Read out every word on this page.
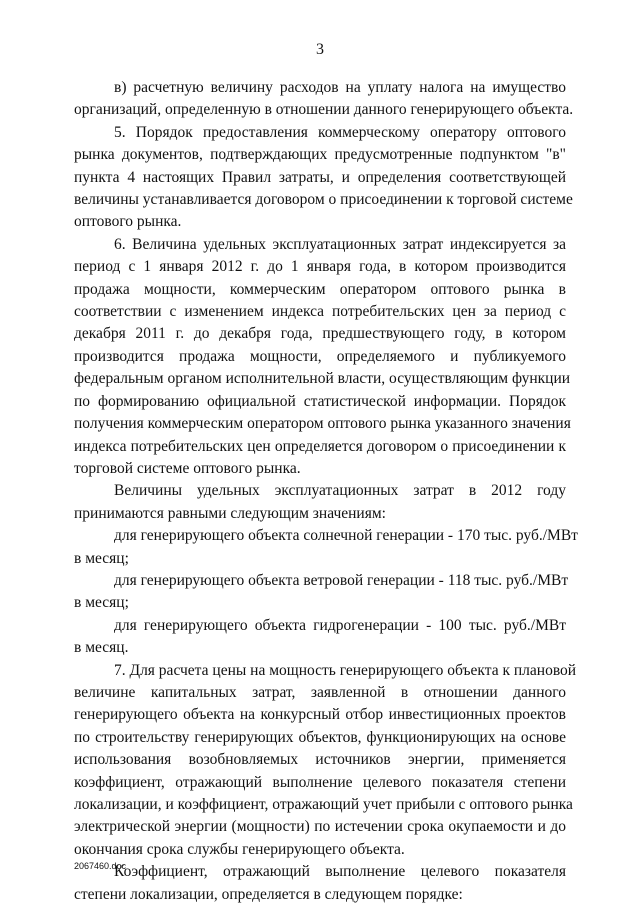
3
в) расчетную величину расходов на уплату налога на имущество
организаций, определенную в отношении данного генерирующего объекта.
5. Порядок предоставления коммерческому оператору оптового
рынка документов, подтверждающих предусмотренные подпунктом "в"
пункта 4 настоящих Правил затраты, и определения соответствующей
величины устанавливается договором о присоединении к торговой системе
оптового рынка.
6. Величина удельных эксплуатационных затрат индексируется за
период с 1 января 2012 г. до 1 января года, в котором производится
продажа мощности, коммерческим оператором оптового рынка в
соответствии с изменением индекса потребительских цен за период с
декабря 2011 г. до декабря года, предшествующего году, в котором
производится продажа мощности, определяемого и публикуемого
федеральным органом исполнительной власти, осуществляющим функции
по формированию официальной статистической информации. Порядок
получения коммерческим оператором оптового рынка указанного значения
индекса потребительских цен определяется договором о присоединении к
торговой системе оптового рынка.
Величины удельных эксплуатационных затрат в 2012 году
принимаются равными следующим значениям:
для генерирующего объекта солнечной генерации - 170 тыс. руб./МВт
в месяц;
для генерирующего объекта ветровой генерации - 118 тыс. руб./МВт
в месяц;
для генерирующего объекта гидрогенерации - 100 тыс. руб./МВт
в месяц.
7. Для расчета цены на мощность генерирующего объекта к плановой
величине капитальных затрат, заявленной в отношении данного
генерирующего объекта на конкурсный отбор инвестиционных проектов
по строительству генерирующих объектов, функционирующих на основе
использования возобновляемых источников энергии, применяется
коэффициент, отражающий выполнение целевого показателя степени
локализации, и коэффициент, отражающий учет прибыли с оптового рынка
электрической энергии (мощности) по истечении срока окупаемости и до
окончания срока службы генерирующего объекта.
Коэффициент, отражающий выполнение целевого показателя
степени локализации, определяется в следующем порядке:
2067460.doc
